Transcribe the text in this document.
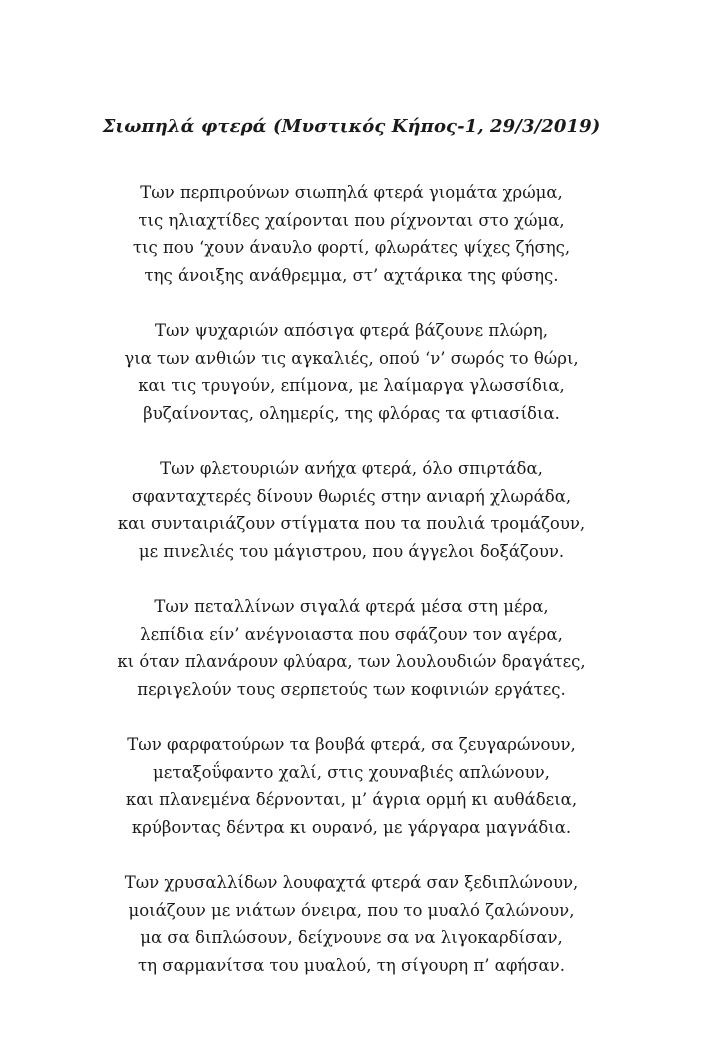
Σιωπηλά φτερά (Μυστικός Κήπος-1, 29/3/2019)
Των περπιρούνων σιωπηλά φτερά γιομάτα χρώμα,
τις ηλιαχτίδες χαίρονται που ρίχνονται στο χώμα,
τις που ‘χουν άναυλο φορτί, φλωράτες ψίχες ζήσης,
της άνοιξης ανάθρεμμα, στ’ αχτάρικα της φύσης.
Των ψυχαριών απόσιγα φτερά βάζουνε πλώρη,
για των ανθιών τις αγκαλιές, οπού ‘ν’ σωρός το θώρι,
και τις τρυγούν, επίμονα, με λαίμαργα γλωσσίδια,
βυζαίνοντας, ολημερίς, της φλόρας τα φτιασίδια.
Των φλετουριών ανήχα φτερά, όλο σπιρτάδα,
σφανταχτερές δίνουν θωριές στην ανιαρή χλωράδα,
και συνταιριάζουν στίγματα που τα πουλιά τρομάζουν,
με πινελιές του μάγιστρου, που άγγελοι δοξάζουν.
Των πεταλλίνων σιγαλά φτερά μέσα στη μέρα,
λεπίδια είν’ ανέγνοιαστα που σφάζουν τον αγέρα,
κι όταν πλανάρουν φλύαρα, των λουλουδιών δραγάτες,
περιγελούν τους σερπετούς των κοφινιών εργάτες.
Των φαρφατούρων τα βουβά φτερά, σα ζευγαρώνουν,
μεταξοΰφαντο χαλί, στις χουναβιές απλώνουν,
και πλανεμένα δέρνονται, μ’ άγρια ορμή κι αυθάδεια,
κρύβοντας δέντρα κι ουρανό, με γάργαρα μαγνάδια.
Των χρυσαλλίδων λουφαχτά φτερά σαν ξεδιπλώνουν,
μοιάζουν με νιάτων όνειρα, που το μυαλό ζαλώνουν,
μα σα διπλώσουν, δείχνουνε σα να λιγοκαρδίσαν,
τη σαρμανίτσα του μυαλού, τη σίγουρη π’ αφήσαν.
